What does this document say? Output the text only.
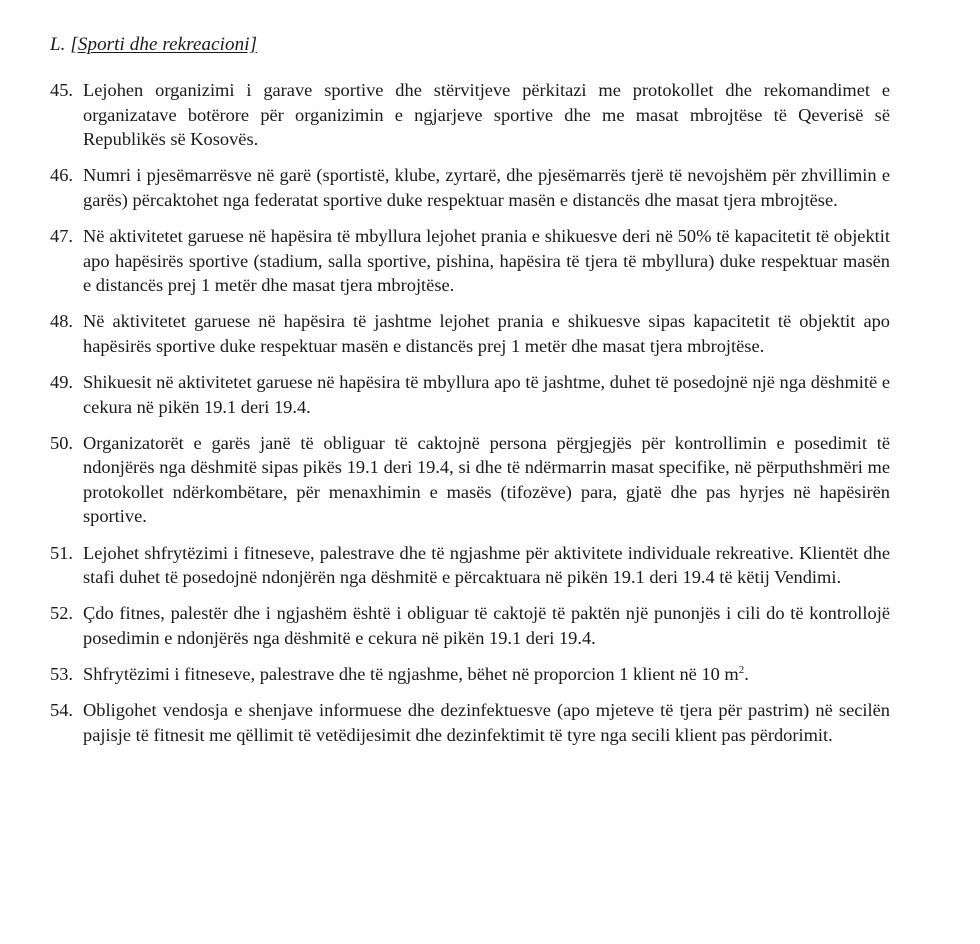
L. [Sporti dhe rekreacioni]
45. Lejohen organizimi i garave sportive dhe stërvitjeve përkitazi me protokollet dhe rekomandimet e organizatave botërore për organizimin e ngjarjeve sportive dhe me masat mbrojtëse të Qeverisë së Republikës së Kosovës.
46. Numri i pjesëmarrësve në garë (sportistë, klube, zyrtarë, dhe pjesëmarrës tjerë të nevojshëm për zhvillimin e garës) përcaktohet nga federatat sportive duke respektuar masën e distancës dhe masat tjera mbrojtëse.
47. Në aktivitetet garuese në hapësira të mbyllura lejohet prania e shikuesve deri në 50% të kapacitetit të objektit apo hapësirës sportive (stadium, salla sportive, pishina, hapësira të tjera të mbyllura) duke respektuar masën e distancës prej 1 metër dhe masat tjera mbrojtëse.
48. Në aktivitetet garuese në hapësira të jashtme lejohet prania e shikuesve sipas kapacitetit të objektit apo hapësirës sportive duke respektuar masën e distancës prej 1 metër dhe masat tjera mbrojtëse.
49. Shikuesit në aktivitetet garuese në hapësira të mbyllura apo të jashtme, duhet të posedojnë një nga dëshmitë e cekura në pikën 19.1 deri 19.4.
50. Organizatorët e garës janë të obliguar të caktojnë persona përgjegjës për kontrollimin e posedimit të ndonjërës nga dëshmitë sipas pikës 19.1 deri 19.4, si dhe të ndërmarrin masat specifike, në përputhshmëri me protokollet ndërkombëtare, për menaxhimin e masës (tifozëve) para, gjatë dhe pas hyrjes në hapësirën sportive.
51. Lejohet shfrytëzimi i fitneseve, palestrave dhe të ngjashme për aktivitete individuale rekreative. Klientët dhe stafi duhet të posedojnë ndonjërën nga dëshmitë e përcaktuara në pikën 19.1 deri 19.4 të këtij Vendimi.
52. Çdo fitnes, palestër dhe i ngjashëm është i obliguar të caktojë të paktën një punonjës i cili do të kontrollojë posedimin e ndonjërës nga dëshmitë e cekura në pikën 19.1 deri 19.4.
53. Shfrytëzimi i fitneseve, palestrave dhe të ngjashme, bëhet në proporcion 1 klient në 10 $m^2$.
54. Obligohet vendosja e shenjave informuese dhe dezinfektuesve (apo mjeteve të tjera për pastrim) në secilën pajisje të fitnesit me qëllimit të vetëdijesimit dhe dezinfektimit të tyre nga secili klient pas përdorimit.
